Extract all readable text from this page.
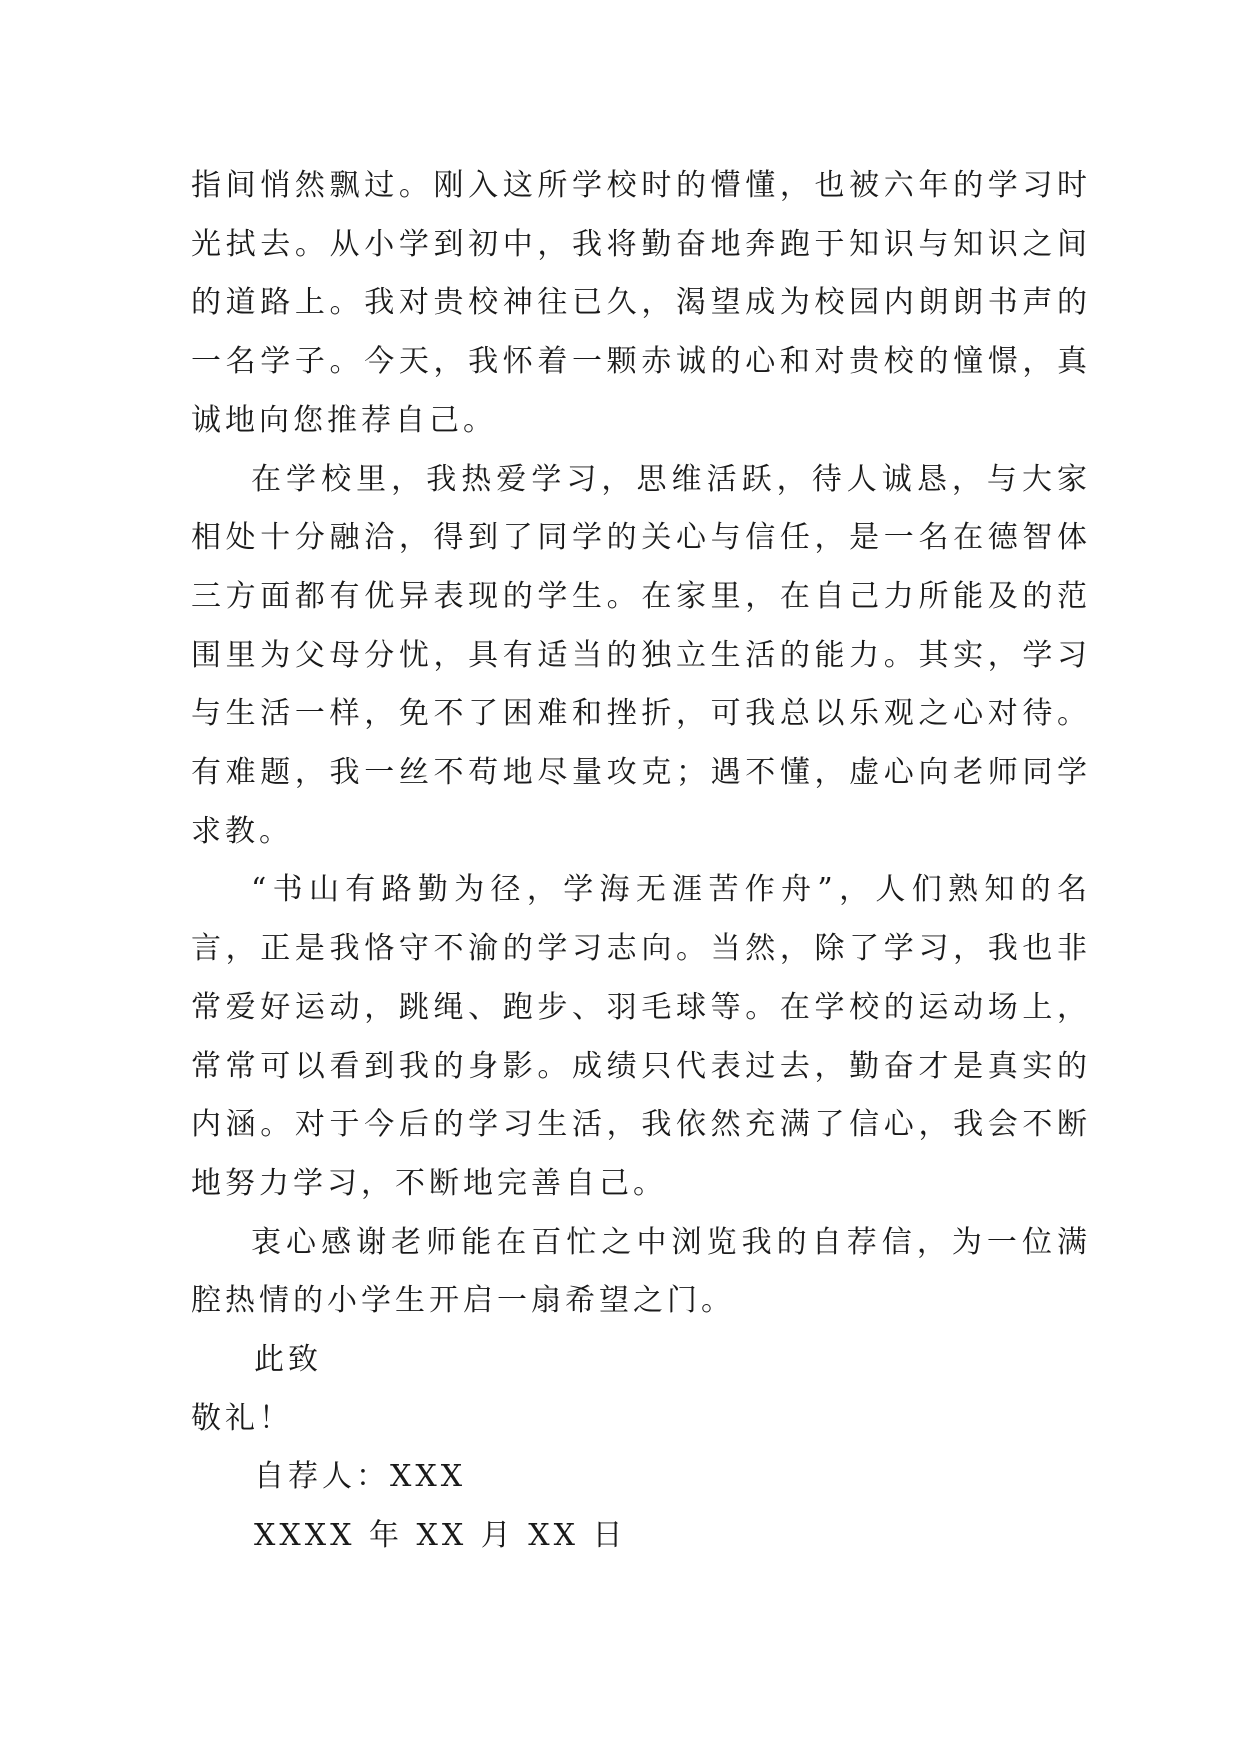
指间悄然飘过。刚入这所学校时的懵懂，也被六年的学习时光拭去。从小学到初中，我将勤奋地奔跑于知识与知识之间的道路上。我对贵校神往已久，渴望成为校园内朗朗书声的一名学子。今天，我怀着一颗赤诚的心和对贵校的憧憬，真诚地向您推荐自己。

在学校里，我热爱学习，思维活跃，待人诚恳，与大家相处十分融洽，得到了同学的关心与信任，是一名在德智体三方面都有优异表现的学生。在家里，在自己力所能及的范围里为父母分忧，具有适当的独立生活的能力。其实，学习与生活一样，免不了困难和挫折，可我总以乐观之心对待。有难题，我一丝不苟地尽量攻克；遇不懂，虚心向老师同学求教。

“书山有路勤为径，学海无涯苦作舟”，人们熟知的名言，正是我恪守不渝的学习志向。当然，除了学习，我也非常爱好运动，跳绳、跑步、羽毛球等。在学校的运动场上，常常可以看到我的身影。成绩只代表过去，勤奋才是真实的内涵。对于今后的学习生活，我依然充满了信心，我会不断地努力学习，不断地完善自己。

衷心感谢老师能在百忙之中浏览我的自荐信，为一位满腔热情的小学生开启一扇希望之门。

此致

敬礼！

自荐人：XXX

XXXX 年 XX 月 XX 日
